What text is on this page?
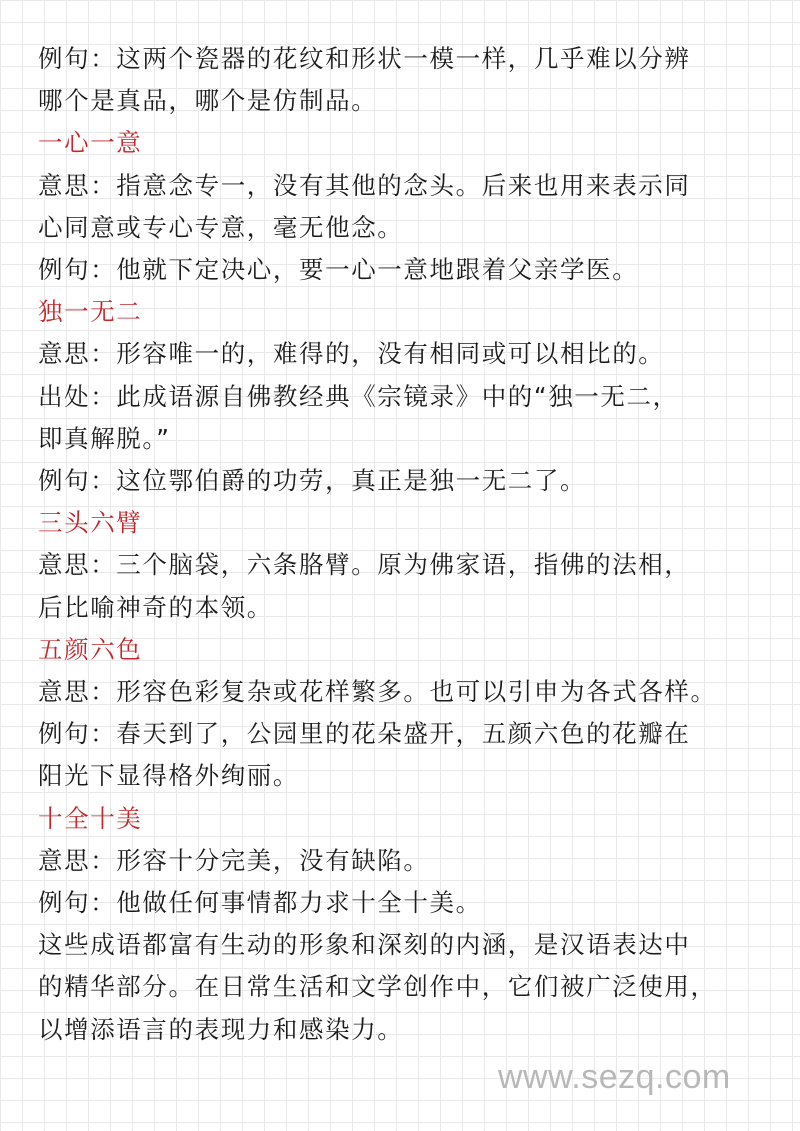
例句：这两个瓷器的花纹和形状一模一样，几乎难以分辨
哪个是真品，哪个是仿制品。
一心一意
意思：指意念专一，没有其他的念头。后来也用来表示同
心同意或专心专意，毫无他念。
例句：他就下定决心，要一心一意地跟着父亲学医。
独一无二
意思：形容唯一的，难得的，没有相同或可以相比的。
出处：此成语源自佛教经典《宗镜录》中的“独一无二，
即真解脱。”
例句：这位鄂伯爵的功劳，真正是独一无二了。
三头六臂
意思：三个脑袋，六条胳臂。原为佛家语，指佛的法相，
后比喻神奇的本领。
五颜六色
意思：形容色彩复杂或花样繁多。也可以引申为各式各样。
例句：春天到了，公园里的花朵盛开，五颜六色的花瓣在
阳光下显得格外绚丽。
十全十美
意思：形容十分完美，没有缺陷。
例句：他做任何事情都力求十全十美。
这些成语都富有生动的形象和深刻的内涵，是汉语表达中
的精华部分。在日常生活和文学创作中，它们被广泛使用，
以增添语言的表现力和感染力。
www.sezq.com
